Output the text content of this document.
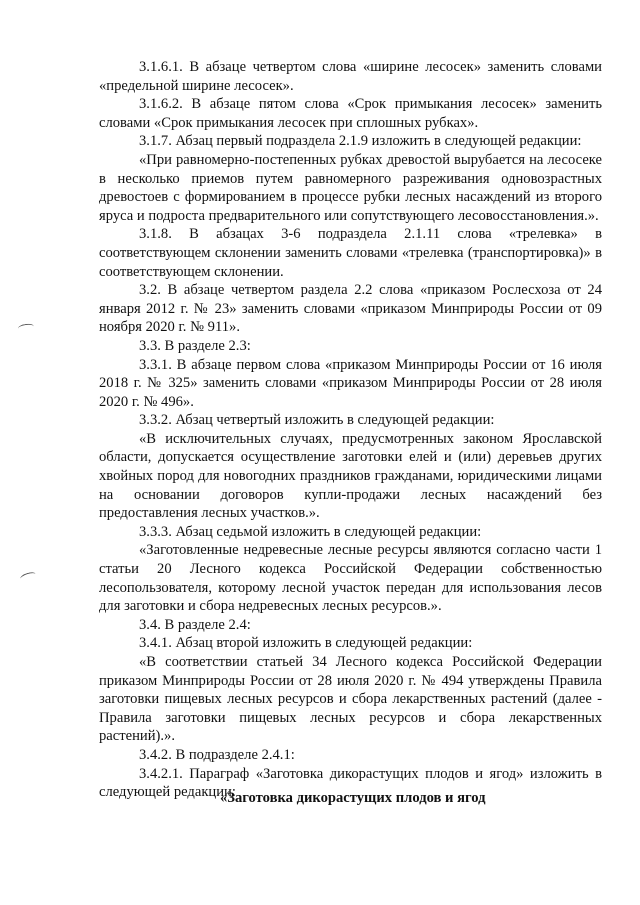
3.1.6.1. В абзаце четвертом слова «ширине лесосек» заменить словами «предельной ширине лесосек».

3.1.6.2. В абзаце пятом слова «Срок примыкания лесосек» заменить словами «Срок примыкания лесосек при сплошных рубках».

3.1.7. Абзац первый подраздела 2.1.9 изложить в следующей редакции:

«При равномерно-постепенных рубках древостой вырубается на лесосеке в несколько приемов путем равномерного разреживания одновозрастных древостоев с формированием в процессе рубки лесных насаждений из второго яруса и подроста предварительного или сопутствующего лесовосстановления.».

3.1.8. В абзацах 3-6 подраздела 2.1.11 слова «трелевка» в соответствующем склонении заменить словами «трелевка (транспортировка)» в соответствующем склонении.

3.2. В абзаце четвертом раздела 2.2 слова «приказом Рослесхоза от 24 января 2012 г. № 23» заменить словами «приказом Минприроды России от 09 ноября 2020 г. № 911».

3.3. В разделе 2.3:

3.3.1. В абзаце первом слова «приказом Минприроды России от 16 июля 2018 г. № 325» заменить словами «приказом Минприроды России от 28 июля 2020 г. № 496».

3.3.2. Абзац четвертый изложить в следующей редакции:

«В исключительных случаях, предусмотренных законом Ярославской области, допускается осуществление заготовки елей и (или) деревьев других хвойных пород для новогодних праздников гражданами, юридическими лицами на основании договоров купли-продажи лесных насаждений без предоставления лесных участков.».

3.3.3. Абзац седьмой изложить в следующей редакции:

«Заготовленные недревесные лесные ресурсы являются согласно части 1 статьи 20 Лесного кодекса Российской Федерации собственностью лесопользователя, которому лесной участок передан для использования лесов для заготовки и сбора недревесных лесных ресурсов.».

3.4. В разделе 2.4:

3.4.1. Абзац второй изложить в следующей редакции:

«В соответствии статьей 34 Лесного кодекса Российской Федерации приказом Минприроды России от 28 июля 2020 г. № 494 утверждены Правила заготовки пищевых лесных ресурсов и сбора лекарственных растений (далее - Правила заготовки пищевых лесных ресурсов и сбора лекарственных растений).».

3.4.2. В подразделе 2.4.1:

3.4.2.1. Параграф «Заготовка дикорастущих плодов и ягод» изложить в следующей редакции:

«Заготовка дикорастущих плодов и ягод
